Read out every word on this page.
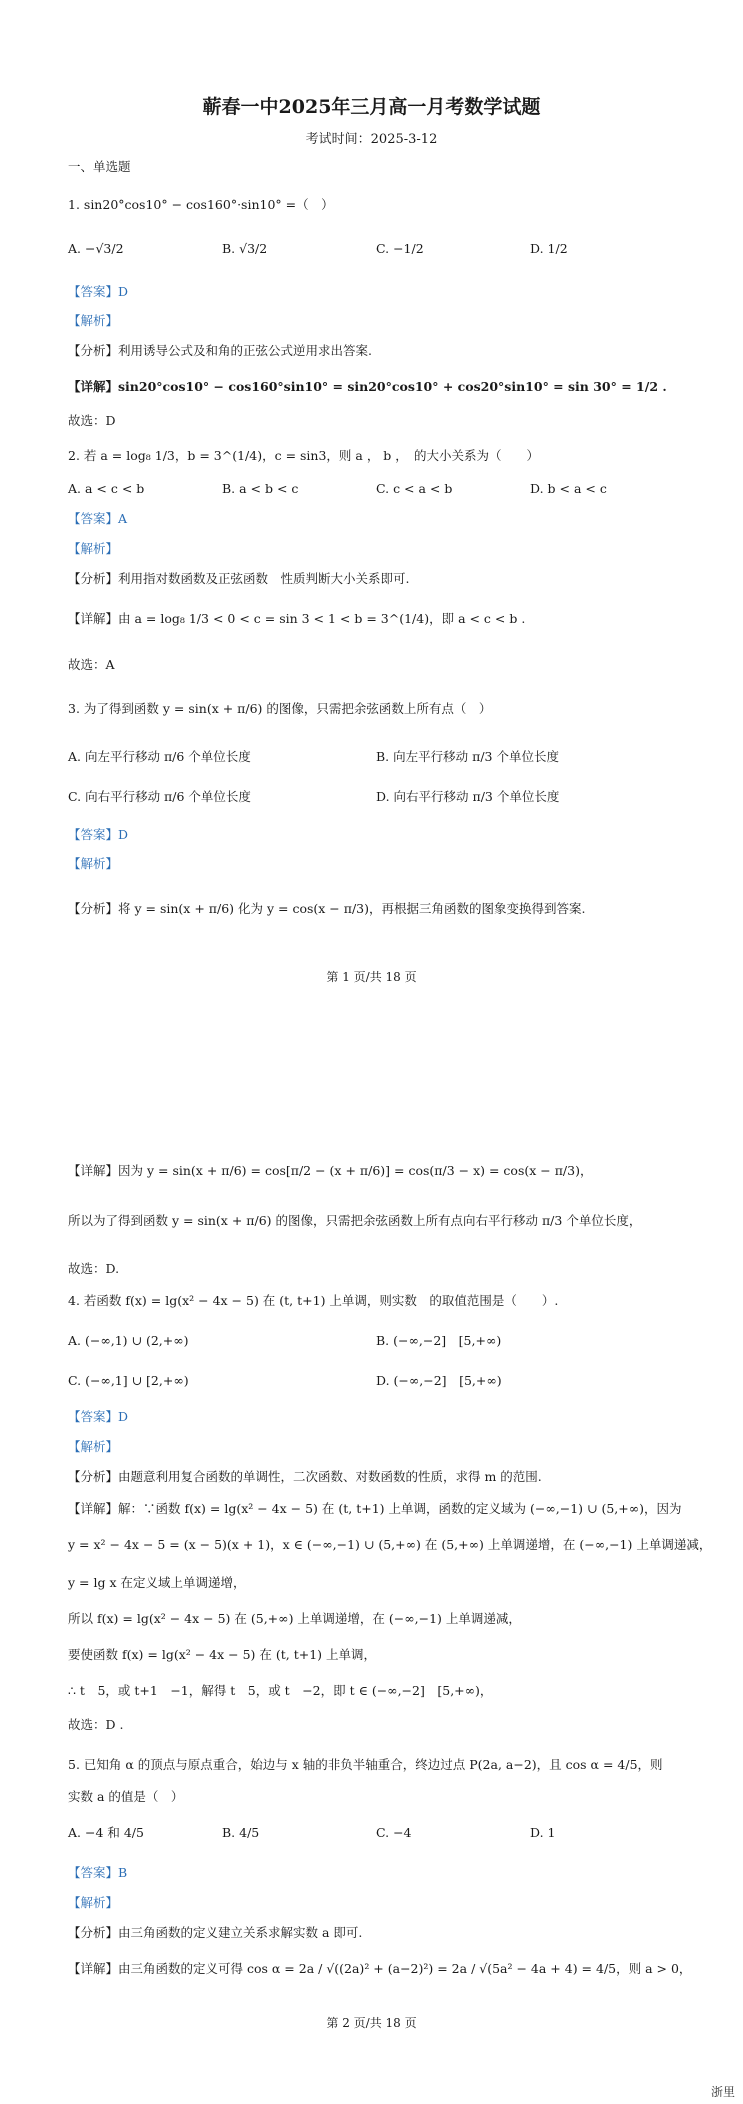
蕲春一中2025年三月高一月考数学试题
考试时间：2025-3-12
一、单选题
1. sin20°cos10° − cos160°·sin10° =（　）
A. −√3/2	B. √3/2	C. −1/2	D. 1/2
【答案】D
【解析】
【分析】利用诱导公式及和角的正弦公式逆用求出答案.
【详解】sin20°cos10° − cos160°sin10° = sin20°cos10° + cos20°sin10° = sin 30° = 1/2 .
故选：D
2. 若 a = log₈ 1/3，b = 3^(1/4)，c = sin3，则 a ， b ，　的大小关系为（　　）
A. a < c < b	B. a < b < c	C. c < a < b	D. b < a < c
【答案】A
【解析】
【分析】利用指对数函数及正弦函数　性质判断大小关系即可.
【详解】由 a = log₈ 1/3 < 0 < c = sin 3 < 1 < b = 3^(1/4)，即 a < c < b .
故选：A
3. 为了得到函数 y = sin(x + π/6) 的图像，只需把余弦函数上所有点（　）
A. 向左平行移动 π/6 个单位长度	B. 向左平行移动 π/3 个单位长度
C. 向右平行移动 π/6 个单位长度	D. 向右平行移动 π/3 个单位长度
【答案】D
【解析】
【分析】将 y = sin(x + π/6) 化为 y = cos(x − π/3)，再根据三角函数的图象变换得到答案.
第 1 页/共 18 页
【详解】因为 y = sin(x + π/6) = cos[π/2 − (x + π/6)] = cos(π/3 − x) = cos(x − π/3)，
所以为了得到函数 y = sin(x + π/6) 的图像，只需把余弦函数上所有点向右平行移动 π/3 个单位长度，
故选：D.
4. 若函数 f(x) = lg(x² − 4x − 5) 在 (t, t+1) 上单调，则实数　的取值范围是（　　）.
A. (−∞,1) ∪ (2,+∞)	B. (−∞,−2]　[5,+∞)
C. (−∞,1] ∪ [2,+∞)	D. (−∞,−2]　[5,+∞)
【答案】D
【解析】
【分析】由题意利用复合函数的单调性，二次函数、对数函数的性质，求得 m 的范围.
【详解】解：∵函数 f(x) = lg(x² − 4x − 5) 在 (t, t+1) 上单调，函数的定义域为 (−∞,−1) ∪ (5,+∞)，因为
y = x² − 4x − 5 = (x − 5)(x + 1)，x ∈ (−∞,−1) ∪ (5,+∞) 在 (5,+∞) 上单调递增，在 (−∞,−1) 上单调递减，
y = lg x 在定义域上单调递增，
所以 f(x) = lg(x² − 4x − 5) 在 (5,+∞) 上单调递增，在 (−∞,−1) 上单调递减，
要使函数 f(x) = lg(x² − 4x − 5) 在 (t, t+1) 上单调，
∴ t　5，或 t+1　−1，解得 t　5，或 t　−2，即 t ∈ (−∞,−2]　[5,+∞)，
故选：D .
5. 已知角 α 的顶点与原点重合，始边与 x 轴的非负半轴重合，终边过点 P(2a, a−2)，且 cos α = 4/5，则
实数 a 的值是（　）
A. −4 和 4/5	B. 4/5	C. −4	D. 1
【答案】B
【解析】
【分析】由三角函数的定义建立关系求解实数 a 即可.
【详解】由三角函数的定义可得 cos α = 2a / √((2a)² + (a−2)²) = 2a / √(5a² − 4a + 4) = 4/5，则 a > 0，
第 2 页/共 18 页
浙里
